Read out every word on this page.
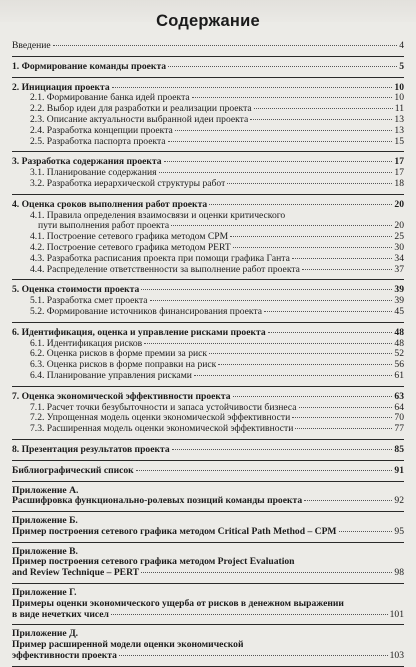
Содержание
Введение	4
1. Формирование команды проекта	5
2. Инициация проекта	10
2.1. Формирование банка идей проекта	10
2.2. Выбор идеи для разработки и реализации проекта	11
2.3. Описание актуальности выбранной идеи проекта	13
2.4. Разработка концепции проекта	13
2.5. Разработка паспорта проекта	15
3. Разработка содержания проекта	17
3.1. Планирование содержания	17
3.2. Разработка иерархической структуры работ	18
4. Оценка сроков выполнения работ проекта	20
4.1. Правила определения взаимосвязи и оценки критического
пути выполнения работ проекта	20
4.1. Построение сетевого графика методом CPM	25
4.2. Построение сетевого графика методом PERT	30
4.3. Разработка расписания проекта при помощи графика Ганта	34
4.4. Распределение ответственности за выполнение работ проекта	37
5. Оценка стоимости проекта	39
5.1. Разработка смет проекта	39
5.2. Формирование источников финансирования проекта	45
6. Идентификация, оценка и управление рисками проекта	48
6.1. Идентификация рисков	48
6.2. Оценка рисков в форме премии за риск	52
6.3. Оценка рисков в форме поправки на риск	56
6.4. Планирование управления рисками	61
7. Оценка экономической эффективности проекта	63
7.1. Расчет точки безубыточности и запаса устойчивости бизнеса	64
7.2. Упрощенная модель оценки экономической эффективности	70
7.3. Расширенная модель оценки экономической эффективности	77
8. Презентация результатов проекта	85
Библиографический список	91
Приложение А.
Расшифровка функционально-ролевых позиций команды проекта	92
Приложение Б.
Пример построения сетевого графика методом Critical Path Method – CPM	95
Приложение В.
Пример построения сетевого графика методом Project Evaluation
and Review Technique – PERT	98
Приложение Г.
Примеры оценки экономического ущерба от рисков в денежном выражении
в виде нечетких чисел	101
Приложение Д.
Пример расширенной модели оценки экономической
эффективности проекта	103
